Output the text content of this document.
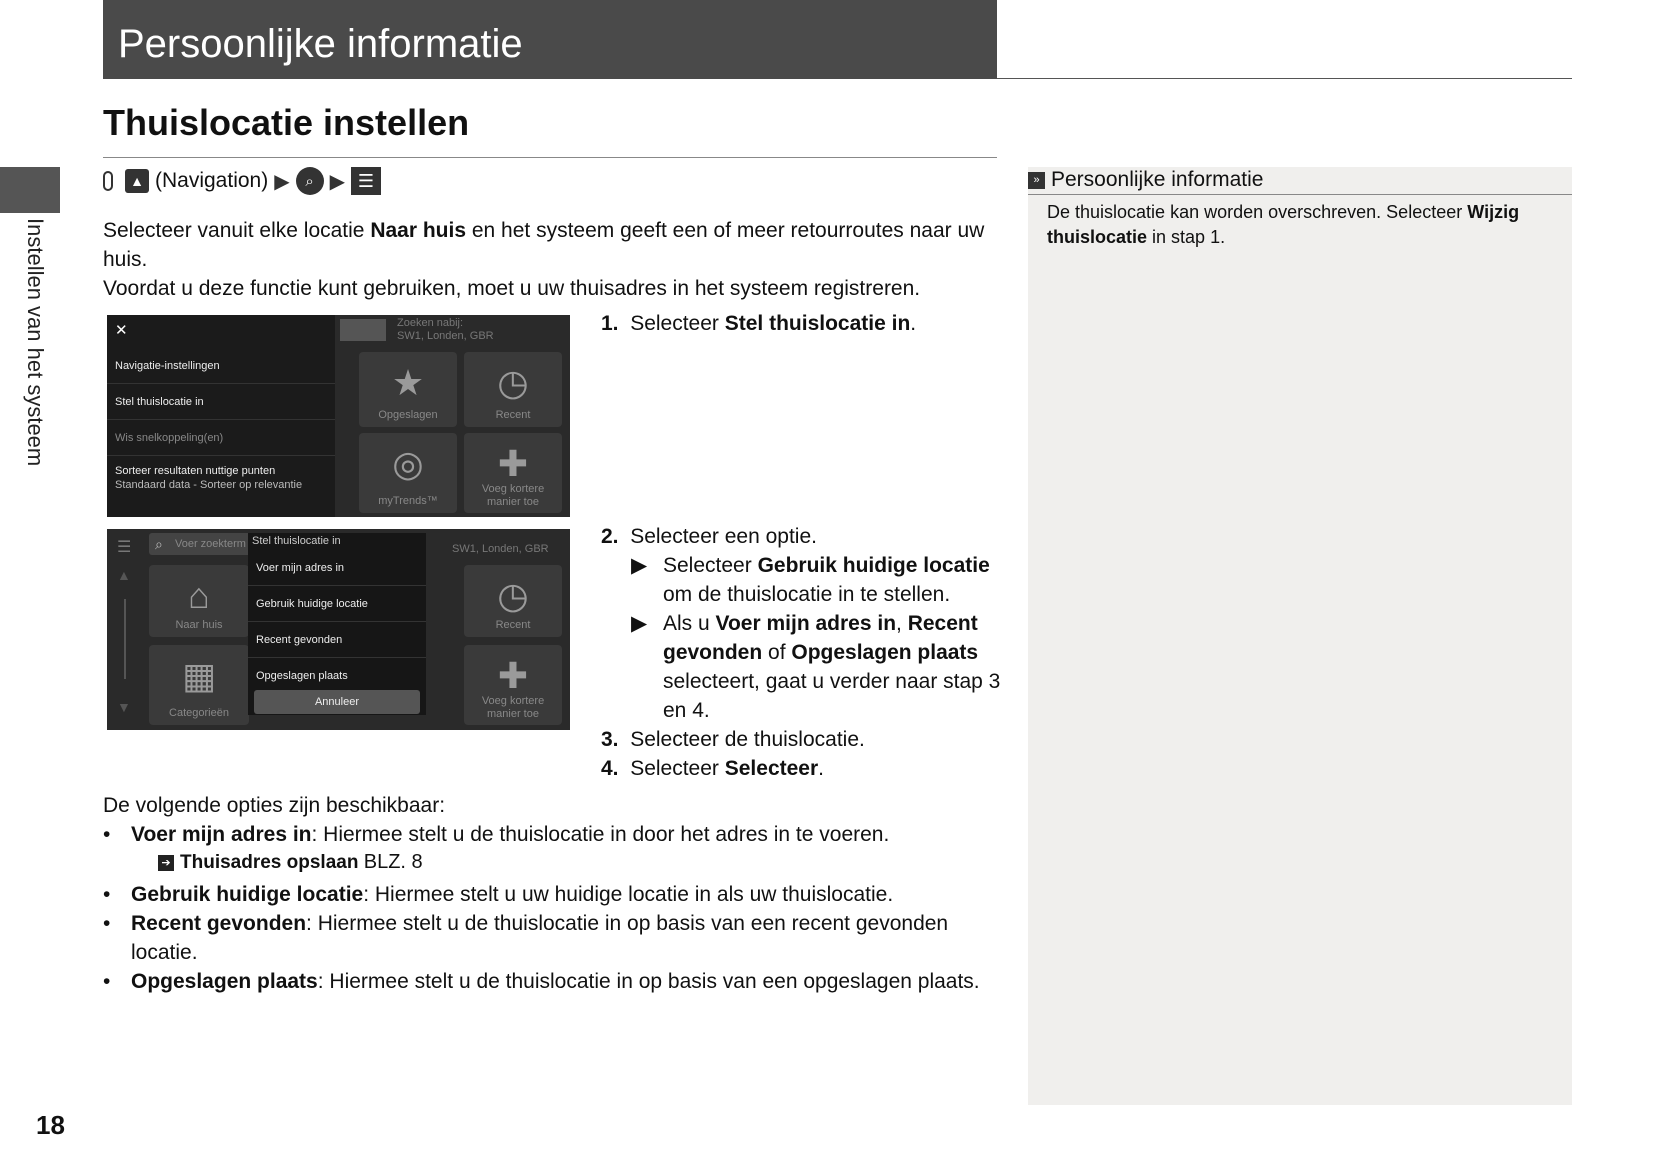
Persoonlijke informatie
Thuislocatie instellen
Instellen van het systeem
18
▲ (Navigation) ▶	⌕ ▶ ☰
Selecteer vanuit elke locatie Naar huis en het systeem geeft een of meer retourroutes naar uw huis.
Voordat u deze functie kunt gebruiken, moet u uw thuisadres in het systeem registreren.
Zoeken nabij:
SW1, Londen, GBR
★
Opgeslagen
◷
Recent
◎
myTrends™
✚
Voeg kortere
manier toe
✕
Navigatie-instellingen
Stel thuislocatie in
Wis snelkoppeling(en)
Sorteer resultaten nuttige punten
Standaard data - Sorteer op relevantie
☰
▲
▼
⌕ Voer zoekterm	SW1, Londen, GBR
⌂
Naar huis
◷
Recent
▦
Categorieën
✚
Voeg kortere
manier toe
Stel thuislocatie in
Voer mijn adres in
Gebruik huidige locatie
Recent gevonden
Opgeslagen plaats
Annuleer
1. Selecteer Stel thuislocatie in.
2. Selecteer een optie.
▶ Selecteer Gebruik huidige locatie
om de thuislocatie in te stellen.
▶ Als u Voer mijn adres in, Recent gevonden of Opgeslagen plaats selecteert, gaat u verder naar stap 3 en 4.
3. Selecteer de thuislocatie.
4. Selecteer Selecteer.
De volgende opties zijn beschikbaar:
• Voer mijn adres in: Hiermee stelt u de thuislocatie in door het adres in te voeren.
➔ Thuisadres opslaan BLZ. 8
• Gebruik huidige locatie: Hiermee stelt u uw huidige locatie in als uw thuislocatie.
• Recent gevonden: Hiermee stelt u de thuislocatie in op basis van een recent gevonden locatie.
• Opgeslagen plaats: Hiermee stelt u de thuislocatie in op basis van een opgeslagen plaats.
» Persoonlijke informatie
De thuislocatie kan worden overschreven. Selecteer Wijzig thuislocatie in stap 1.
